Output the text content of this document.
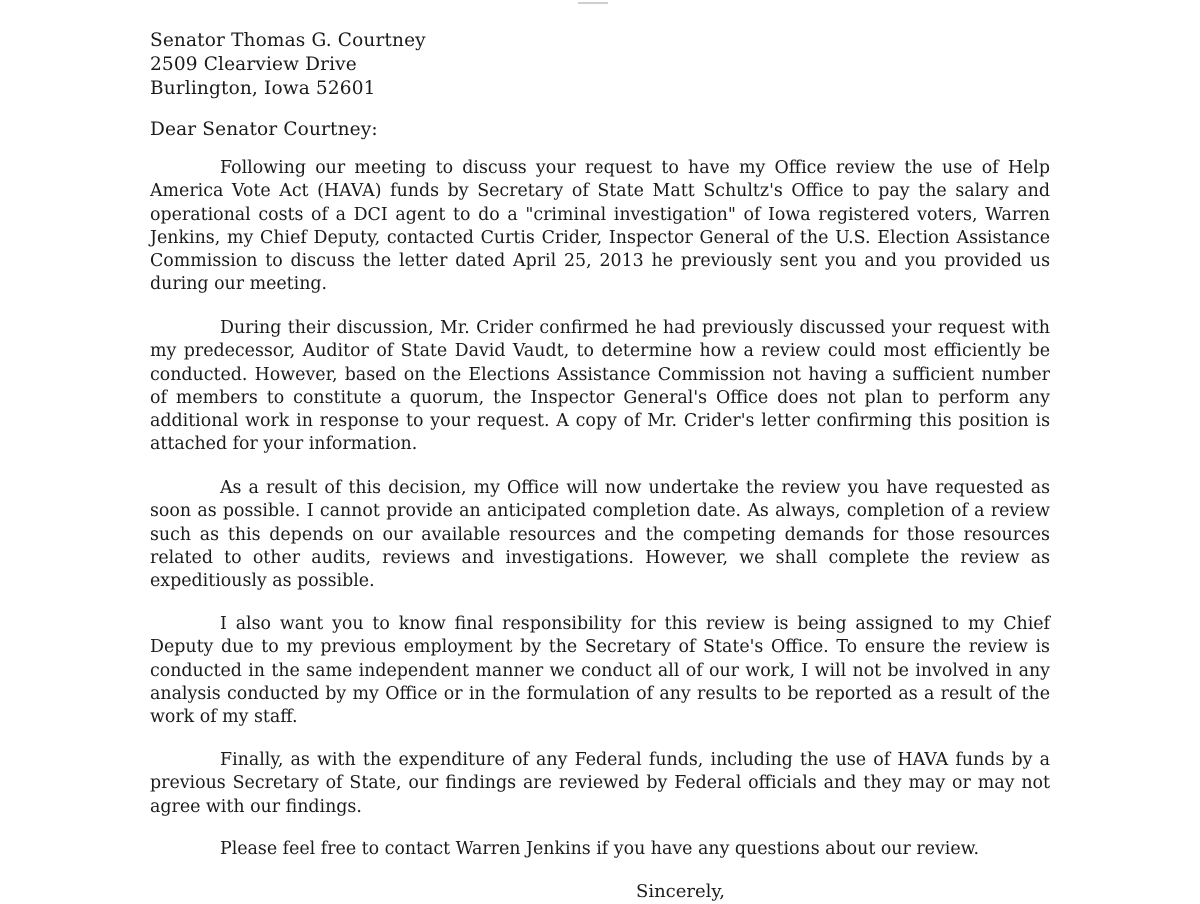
Senator Thomas G. Courtney
2509 Clearview Drive
Burlington, Iowa 52601
Dear Senator Courtney:

Following our meeting to discuss your request to have my Office review the use of Help America Vote Act (HAVA) funds by Secretary of State Matt Schultz's Office to pay the salary and operational costs of a DCI agent to do a "criminal investigation" of Iowa registered voters, Warren Jenkins, my Chief Deputy, contacted Curtis Crider, Inspector General of the U.S. Election Assistance Commission to discuss the letter dated April 25, 2013 he previously sent you and you provided us during our meeting.

During their discussion, Mr. Crider confirmed he had previously discussed your request with my predecessor, Auditor of State David Vaudt, to determine how a review could most efficiently be conducted. However, based on the Elections Assistance Commission not having a sufficient number of members to constitute a quorum, the Inspector General's Office does not plan to perform any additional work in response to your request. A copy of Mr. Crider's letter confirming this position is attached for your information.

As a result of this decision, my Office will now undertake the review you have requested as soon as possible. I cannot provide an anticipated completion date. As always, completion of a review such as this depends on our available resources and the competing demands for those resources related to other audits, reviews and investigations. However, we shall complete the review as expeditiously as possible.

I also want you to know final responsibility for this review is being assigned to my Chief Deputy due to my previous employment by the Secretary of State's Office. To ensure the review is conducted in the same independent manner we conduct all of our work, I will not be involved in any analysis conducted by my Office or in the formulation of any results to be reported as a result of the work of my staff.

Finally, as with the expenditure of any Federal funds, including the use of HAVA funds by a previous Secretary of State, our findings are reviewed by Federal officials and they may or may not agree with our findings.

Please feel free to contact Warren Jenkins if you have any questions about our review.

Sincerely,
